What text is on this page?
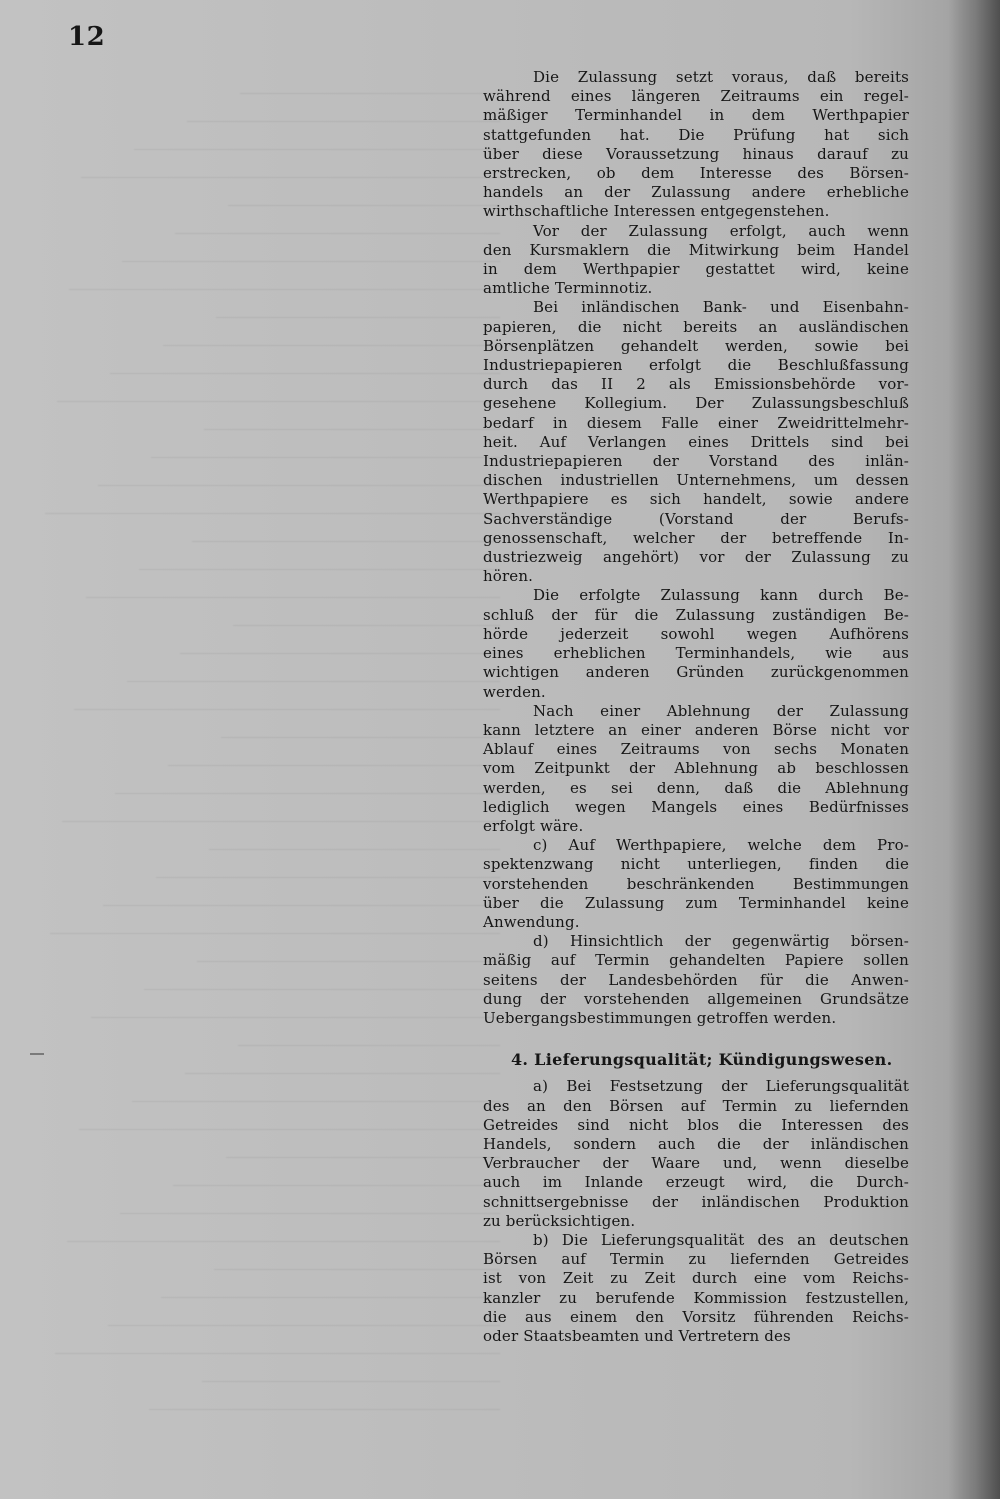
12
Die Zulassung setzt voraus, daß bereits
während eines längeren Zeitraums ein regel-
mäßiger Terminhandel in dem Werthpapier
stattgefunden hat. Die Prüfung hat sich
über diese Voraussetzung hinaus darauf zu
erstrecken, ob dem Interesse des Börsen-
handels an der Zulassung andere erhebliche
wirthschaftliche Interessen entgegenstehen.
Vor der Zulassung erfolgt, auch wenn
den Kursmaklern die Mitwirkung beim Handel
in dem Werthpapier gestattet wird, keine
amtliche Terminnotiz.
Bei inländischen Bank- und Eisenbahn-
papieren, die nicht bereits an ausländischen
Börsenplätzen gehandelt werden, sowie bei
Industriepapieren erfolgt die Beschlußfassung
durch das II 2 als Emissionsbehörde vor-
gesehene Kollegium. Der Zulassungsbeschluß
bedarf in diesem Falle einer Zweidrittelmehr-
heit. Auf Verlangen eines Drittels sind bei
Industriepapieren der Vorstand des inlän-
dischen industriellen Unternehmens, um dessen
Werthpapiere es sich handelt, sowie andere
Sachverständige (Vorstand der Berufs-
genossenschaft, welcher der betreffende In-
dustriezweig angehört) vor der Zulassung zu
hören.
Die erfolgte Zulassung kann durch Be-
schluß der für die Zulassung zuständigen Be-
hörde jederzeit sowohl wegen Aufhörens
eines erheblichen Terminhandels, wie aus
wichtigen anderen Gründen zurückgenommen
werden.
Nach einer Ablehnung der Zulassung
kann letztere an einer anderen Börse nicht vor
Ablauf eines Zeitraums von sechs Monaten
vom Zeitpunkt der Ablehnung ab beschlossen
werden, es sei denn, daß die Ablehnung
lediglich wegen Mangels eines Bedürfnisses
erfolgt wäre.
c) Auf Werthpapiere, welche dem Pro-
spektenzwang nicht unterliegen, finden die
vorstehenden beschränkenden Bestimmungen
über die Zulassung zum Terminhandel keine
Anwendung.
d) Hinsichtlich der gegenwärtig börsen-
mäßig auf Termin gehandelten Papiere sollen
seitens der Landesbehörden für die Anwen-
dung der vorstehenden allgemeinen Grundsätze
Uebergangsbestimmungen getroffen werden.
4. Lieferungsqualität; Kündigungswesen.
a) Bei Festsetzung der Lieferungsqualität
des an den Börsen auf Termin zu liefernden
Getreides sind nicht blos die Interessen des
Handels, sondern auch die der inländischen
Verbraucher der Waare und, wenn dieselbe
auch im Inlande erzeugt wird, die Durch-
schnittsergebnisse der inländischen Produktion
zu berücksichtigen.
b) Die Lieferungsqualität des an deutschen
Börsen auf Termin zu liefernden Getreides
ist von Zeit zu Zeit durch eine vom Reichs-
kanzler zu berufende Kommission festzustellen,
die aus einem den Vorsitz führenden Reichs-
oder Staatsbeamten und Vertretern des
